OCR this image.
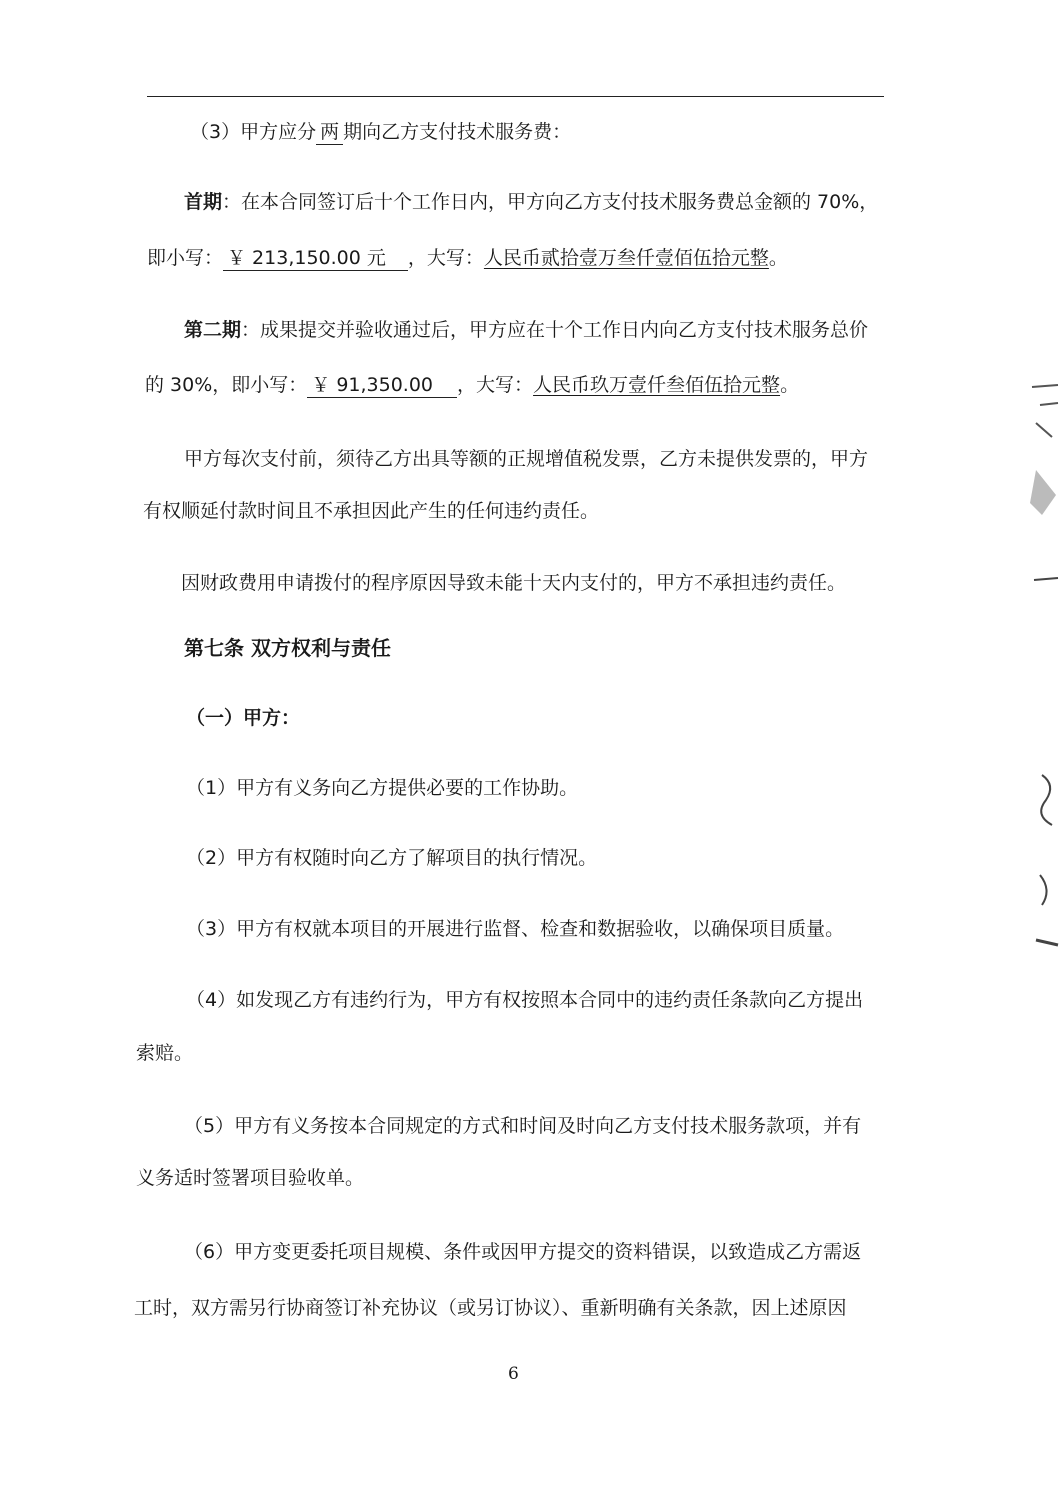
（3）甲方应分 两 期向乙方支付技术服务费：
首期：在本合同签订后十个工作日内，甲方向乙方支付技术服务费总金额的 70%，
即小写： ￥ 213,150.00 元 ，大写：人民币贰拾壹万叁仟壹佰伍拾元整。
第二期：成果提交并验收通过后，甲方应在十个工作日内向乙方支付技术服务总价
的 30%，即小写： ￥ 91,350.00 ，大写：人民币玖万壹仟叁佰伍拾元整。
甲方每次支付前，须待乙方出具等额的正规增值税发票，乙方未提供发票的，甲方
有权顺延付款时间且不承担因此产生的任何违约责任。
因财政费用申请拨付的程序原因导致未能十天内支付的，甲方不承担违约责任。
第七条 双方权利与责任
（一）甲方：
（1）甲方有义务向乙方提供必要的工作协助。
（2）甲方有权随时向乙方了解项目的执行情况。
（3）甲方有权就本项目的开展进行监督、检查和数据验收，以确保项目质量。
（4）如发现乙方有违约行为，甲方有权按照本合同中的违约责任条款向乙方提出
索赔。
（5）甲方有义务按本合同规定的方式和时间及时向乙方支付技术服务款项，并有
义务适时签署项目验收单。
（6）甲方变更委托项目规模、条件或因甲方提交的资料错误，以致造成乙方需返
工时，双方需另行协商签订补充协议（或另订协议）、重新明确有关条款，因上述原因
6
